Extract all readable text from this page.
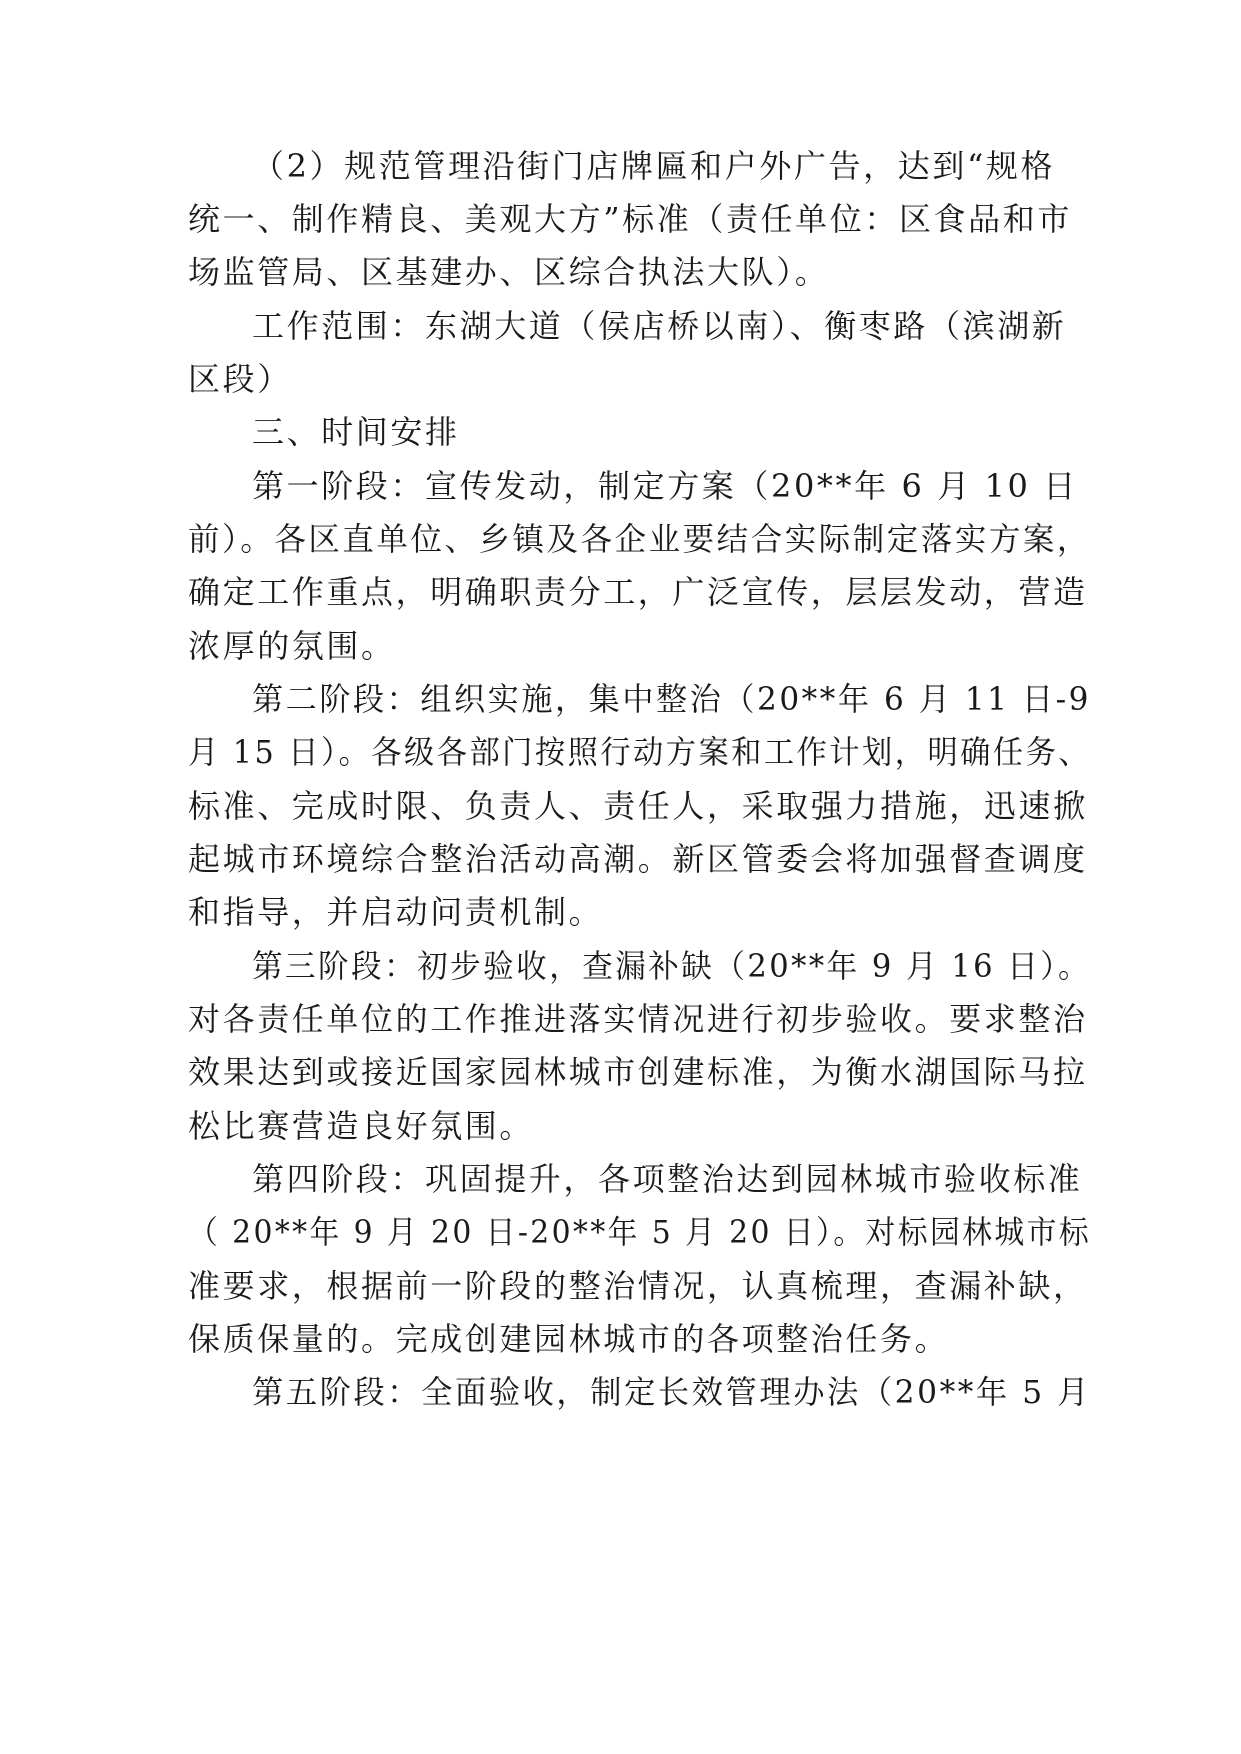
（2）规范管理沿街门店牌匾和户外广告，达到“规格

统一、制作精良、美观大方”标准（责任单位：区食品和市

场监管局、区基建办、区综合执法大队）。

工作范围：东湖大道（侯店桥以南）、衡枣路（滨湖新

区段）

三、时间安排

第一阶段：宣传发动，制定方案（20**年 6 月 10 日

前）。各区直单位、乡镇及各企业要结合实际制定落实方案，

确定工作重点，明确职责分工，广泛宣传，层层发动，营造

浓厚的氛围。

第二阶段：组织实施，集中整治（20**年 6 月 11 日-9

月 15 日）。各级各部门按照行动方案和工作计划，明确任务、

标准、完成时限、负责人、责任人，采取强力措施，迅速掀

起城市环境综合整治活动高潮。新区管委会将加强督查调度

和指导，并启动问责机制。

第三阶段：初步验收，查漏补缺（20**年 9 月 16 日）。

对各责任单位的工作推进落实情况进行初步验收。要求整治

效果达到或接近国家园林城市创建标准，为衡水湖国际马拉

松比赛营造良好氛围。

第四阶段：巩固提升，各项整治达到园林城市验收标准

（ 20**年 9 月 20 日-20**年 5 月 20 日）。对标园林城市标

准要求，根据前一阶段的整治情况，认真梳理，查漏补缺，

保质保量的。完成创建园林城市的各项整治任务。

第五阶段：全面验收，制定长效管理办法（20**年 5 月
